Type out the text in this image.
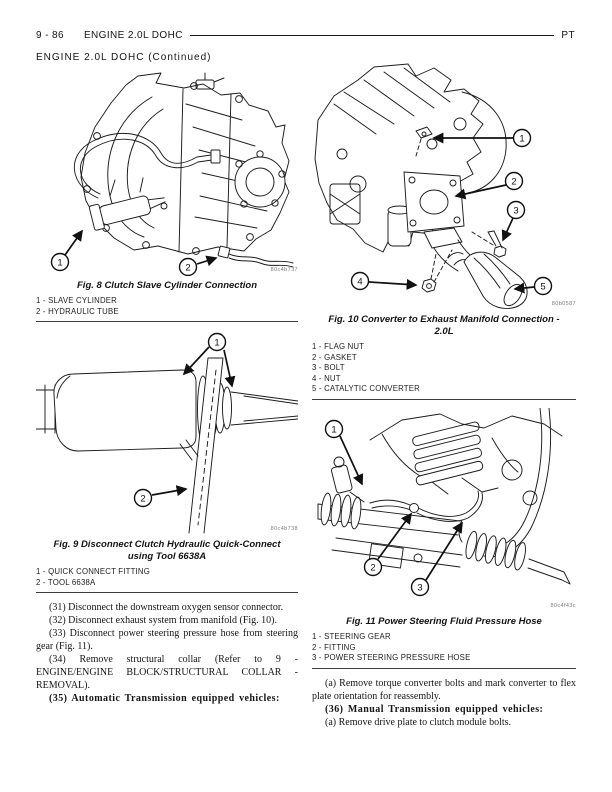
9 - 86 ENGINE 2.0L DOHC	PT
ENGINE 2.0L DOHC (Continued)
1	2	80c4b737
Fig. 8 Clutch Slave Cylinder Connection
1 - SLAVE CYLINDER
2 - HYDRAULIC TUBE
1
2
80c4b738
Fig. 9 Disconnect Clutch Hydraulic Quick-Connect using Tool 6638A
1 - QUICK CONNECT FITTING
2 - TOOL 6638A

(31) Disconnect the downstream oxygen sensor connector.

(32) Disconnect exhaust system from manifold (Fig. 10).

(33) Disconnect power steering pressure hose from steering gear (Fig. 11).

(34) Remove structural collar (Refer to 9 - ENGINE/ENGINE BLOCK/STRUCTURAL COLLAR - REMOVAL).

(35) Automatic Transmission equipped vehicles:

1
2
3
4	5
80b0587
Fig. 10 Converter to Exhaust Manifold Connection - 2.0L
1 - FLAG NUT
2 - GASKET
3 - BOLT
4 - NUT
5 - CATALYTIC CONVERTER
1
2
3
80c4f43c
Fig. 11 Power Steering Fluid Pressure Hose
1 - STEERING GEAR
2 - FITTING
3 - POWER STEERING PRESSURE HOSE

(a) Remove torque converter bolts and mark converter to flex plate orientation for reassembly.

(36) Manual Transmission equipped vehicles:

(a) Remove drive plate to clutch module bolts.
